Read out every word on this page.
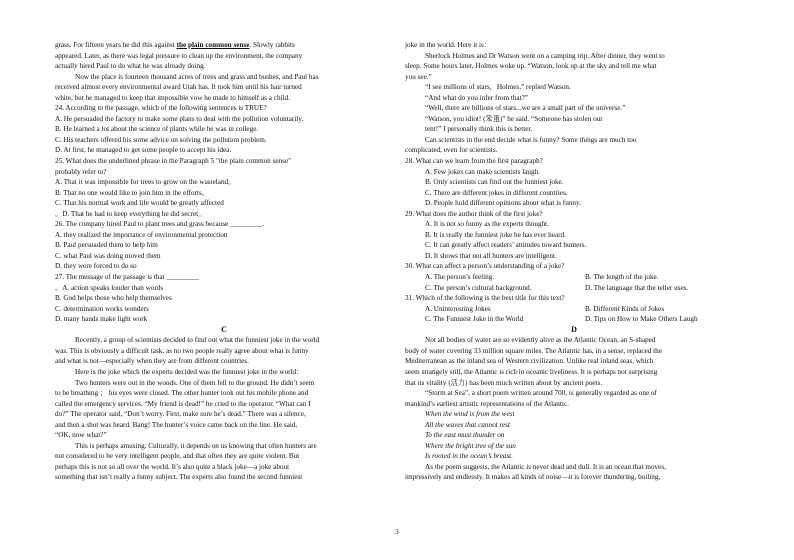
grass. For fifteen years he did this against the plain common sense. Slowly rabbits
appeared. Later, as there was legal pressure to clean up the environment, the company
actually hired Paul to do what he was already doing.
Now the place is fourteen thousand acres of trees and grass and bushes, and Paul has
received almost every environmental award Utah has. It took him until his hair turned
white, but he managed to keep that impossible vow he made to himself as a child.
24. According to the passage, which of the following sentences is TRUE?
A. He persuaded the factory to make some plans to deal with the pollution voluntarily.
B. He learned a lot about the science of plants while he was in college.
C. His teachers offered his some advice on solving the pollution problem.
D. At first, he managed to get some people to accept his idea.
25. What does the underlined phrase in the Paragraph 5 "the plain common sense"
probably refer to?
A. That it was impossible for trees to grow on the wasteland。
B. That no one would like to join him in the efforts。
C. That his normal work and life would be greatly affected
。D. That he had to keep everything he did secret。
26. The company hired Paul to plant trees and grass because _________.
A. they realized the importance of environmental protection
B. Paul persuaded them to help him
C. what Paul was doing moved them
D. they were forced to do so
27. The message of the passage is that _________
。A. action speaks louder than words
B. God helps those who help themselves
C. determination works wonders
D. many hands make light work
C
Recently, a group of scientists decided to find out what the funniest joke in the world
was. This is obviously a difficult task, as no two people really agree about what is funny
and what is not—especially when they are from different countries.
Here is the joke which the experts decided was the funniest joke in the world：
Two hunters were out in the woods. One of them fell to the ground. He didn’t seem
to be breathing ； his eyes were closed. The other hunter took out his mobile phone and
called the emergency services. “My friend is dead!” he cried to the operator. “What can I
do?” The operator said, “Don’t worry. First, make sure he’s dead.” There was a silence,
and then a shot was heard. Bang! The hunter’s voice came back on the line. He said,
“OK, now what?”
This is perhaps amusing. Culturally, it depends on us knowing that often hunters are
not considered to be very intelligent people, and that often they are quite violent. But
perhaps this is not so all over the world. It’s also quite a black joke—a joke about
something that isn’t really a funny subject. The experts also found the second funniest
joke in the world. Here it is：
Sherlock Holmes and Dr Watson went on a camping trip. After dinner, they went to
sleep. Some hours later, Holmes woke up. “Watson, look up at the sky and tell me what
you see.”
“I see millions of stars，Holmes,” replied Watson.
“And what do you infer from that?”
“Well, there are billions of stars...we are a small part of the universe.”
“Watson, you idiot! (笨蛋)” he said. “Someone has stolen our
tent!” I personally think this is better.
Can scientists in the end decide what is funny? Some things are much too
complicated, even for scientists.
28. What can we learn from the first paragraph?
A. Few jokes can make scientists laugh.
B. Only scientists can find out the funniest joke.
C. There are different jokes in different countries.
D. People hold different opinions about what is funny.
29. What does the author think of the first joke?
A. It is not so funny as the experts thought.
B. It is really the funniest joke he has ever heard.
C. It can greatly affect readers’ attitudes toward hunters.
D. It shows that not all hunters are intelligent.
30. What can affect a person’s understanding of a joke?
A. The person’s feeling.	B. The length of the joke.
C. The person’s cultural background.	D. The language that the teller uses.
31. Which of the following is the best title for this text?
A. Uninteresting Jokes	B. Different Kinds of Jokes
C. The Funniest Joke in the World	D. Tips on How to Make Others Laugh
D
Not all bodies of water are so evidently alive as the Atlantic Ocean, an S-shaped
body of water covering 33 million square miles. The Atlantic has, in a sense, replaced the
Mediterranean as the inland sea of Western civilization. Unlike real inland seas, which
seem strangely still, the Atlantic is rich in oceanic liveliness. It is perhaps not surprising
that its vitality (活力) has been much written about by ancient poets.
“Storm at Sea”, a short poem written around 700, is generally regarded as one of
mankind’s earliest artistic representations of the Atlantic.
When the wind is from the west
All the waves that cannot rest
To the east must thunder on
Where the bright tree of the sun
Is rooted in the ocean’s breast.
As the poem suggests, the Atlantic is never dead and dull. It is an ocean that moves,
impressively and endlessly. It makes all kinds of noise—it is forever thundering, boiling,
3
